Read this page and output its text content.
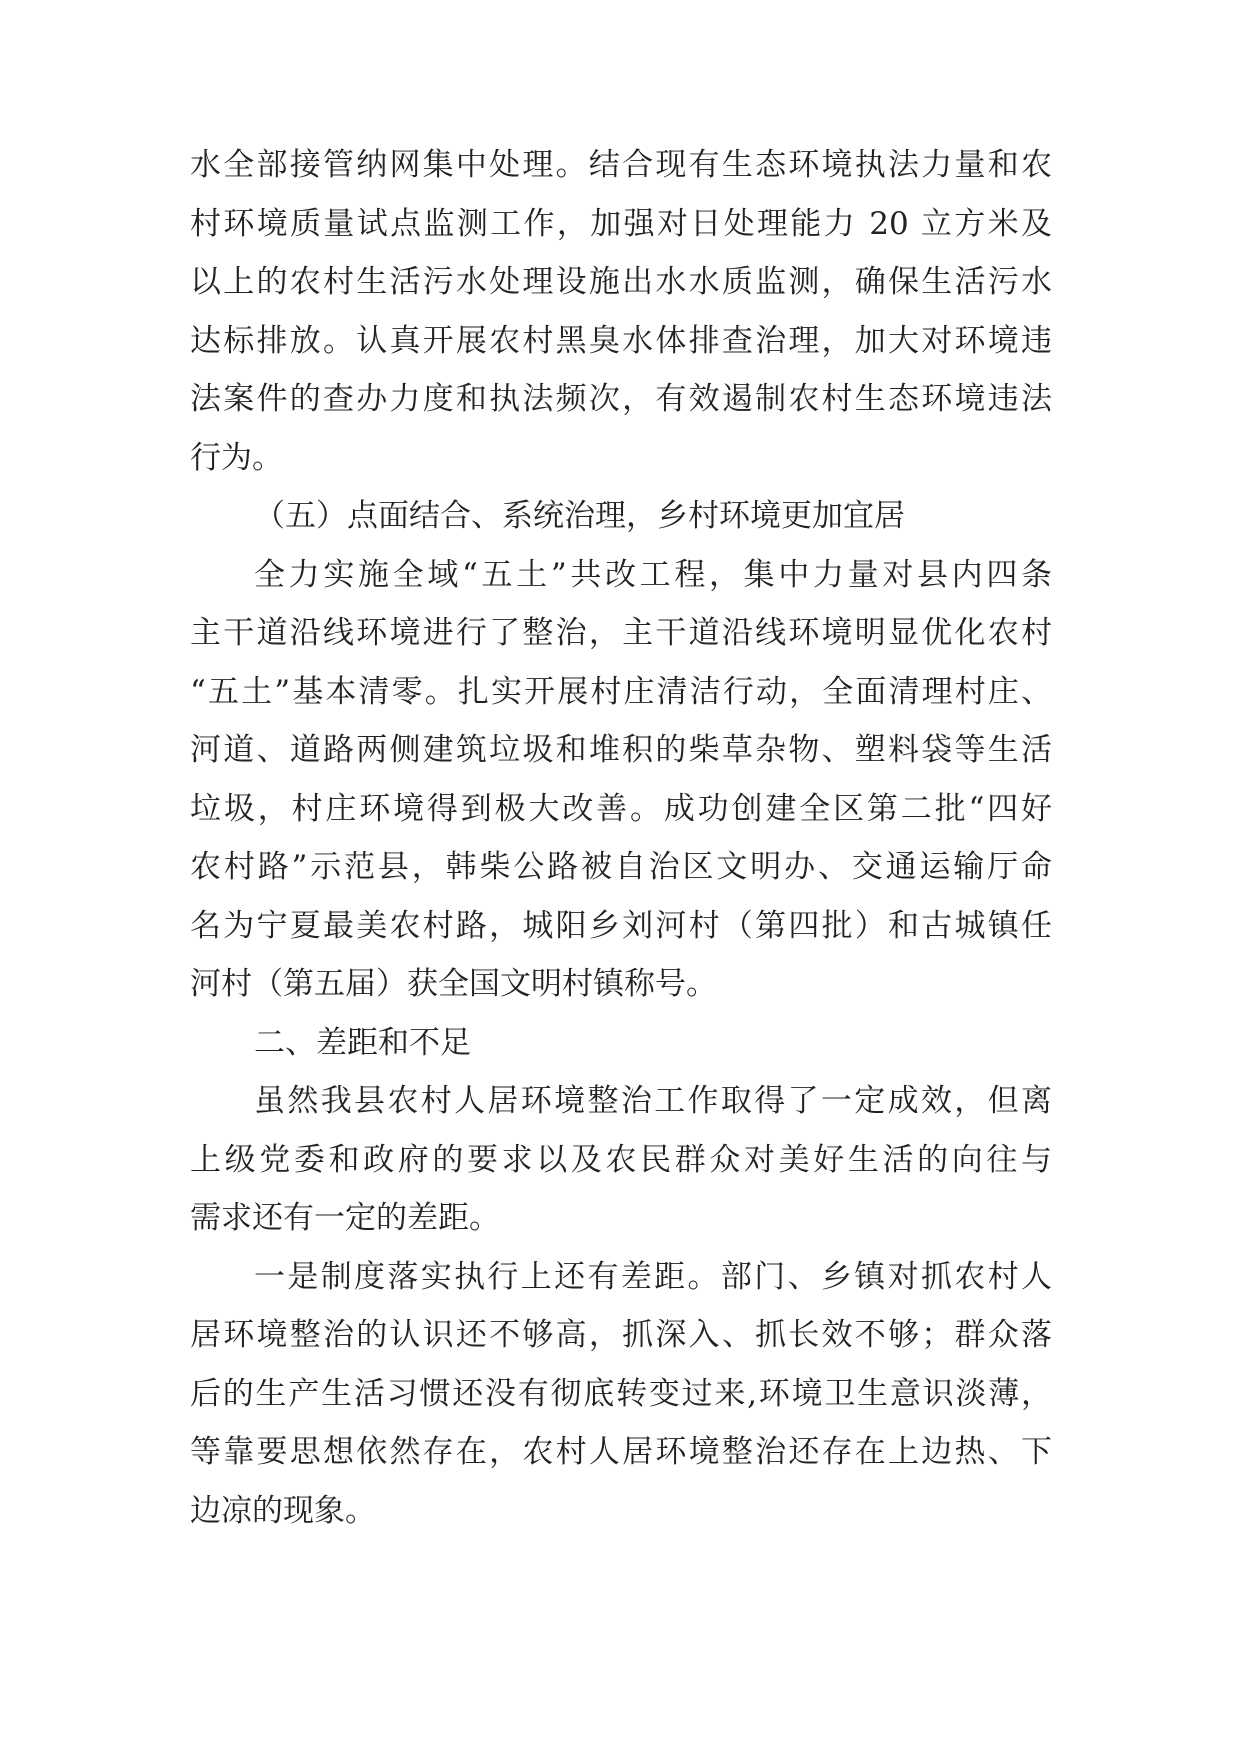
水全部接管纳网集中处理。结合现有生态环境执法力量和农
村环境质量试点监测工作，加强对日处理能力 20 立方米及
以上的农村生活污水处理设施出水水质监测，确保生活污水
达标排放。认真开展农村黑臭水体排查治理，加大对环境违
法案件的查办力度和执法频次，有效遏制农村生态环境违法
行为。
（五）点面结合、系统治理，乡村环境更加宜居
全力实施全域“五土”共改工程，集中力量对县内四条
主干道沿线环境进行了整治，主干道沿线环境明显优化农村
“五土”基本清零。扎实开展村庄清洁行动，全面清理村庄、
河道、道路两侧建筑垃圾和堆积的柴草杂物、塑料袋等生活
垃圾，村庄环境得到极大改善。成功创建全区第二批“四好
农村路”示范县，韩柴公路被自治区文明办、交通运输厅命
名为宁夏最美农村路，城阳乡刘河村（第四批）和古城镇任
河村（第五届）获全国文明村镇称号。
二、差距和不足
虽然我县农村人居环境整治工作取得了一定成效，但离
上级党委和政府的要求以及农民群众对美好生活的向往与
需求还有一定的差距。
一是制度落实执行上还有差距。部门、乡镇对抓农村人
居环境整治的认识还不够高，抓深入、抓长效不够；群众落
后的生产生活习惯还没有彻底转变过来,环境卫生意识淡薄，
等靠要思想依然存在，农村人居环境整治还存在上边热、下
边凉的现象。
